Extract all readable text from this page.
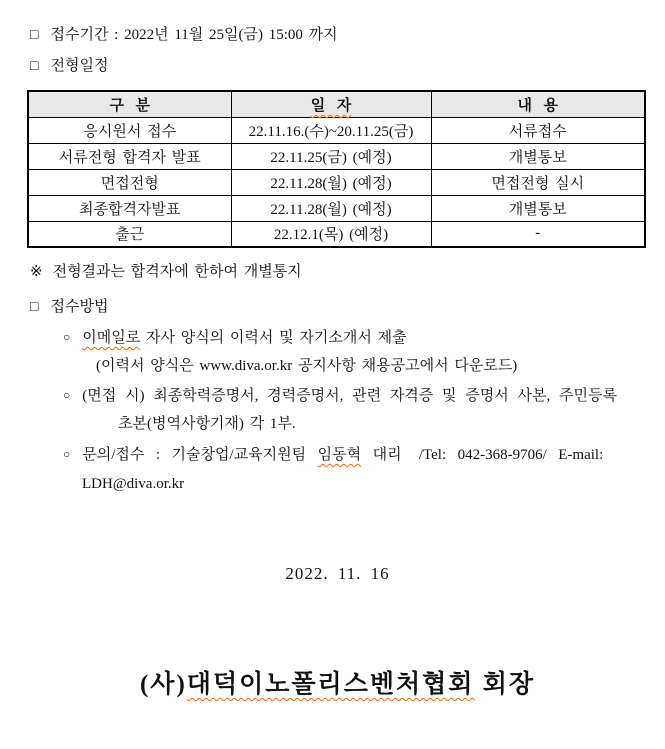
□ 접수기간 : 2022년 11월 25일(금) 15:00 까지
□ 전형일정
구  분	일  자	내  용
응시원서 접수	22.11.16.(수)~20.11.25(금)	서류접수
서류전형 합격자 발표	22.11.25(금) (예정)	개별통보
면접전형	22.11.28(월) (예정)	면접전형 실시
최종합격자발표	22.11.28(월) (예정)	개별통보
출근	22.12.1(목) (예정)	-
※ 전형결과는 합격자에 한하여 개별통지
□ 접수방법
○ 이메일로 자사 양식의 이력서 및 자기소개서 제출
(이력서 양식은 www.diva.or.kr 공지사항 채용공고에서 다운로드)
○ (면접 시) 최종학력증명서, 경력증명서, 관련 자격증 및 증명서 사본, 주민등록
초본(병역사항기재) 각 1부.
○ 문의/접수  :  기술창업/교육지원팀  임동혁  대리   /Tel:  042-368-9706/  E-mail:
LDH@diva.or.kr
2022. 11. 16
(사)대덕이노폴리스벤처협회 회장
